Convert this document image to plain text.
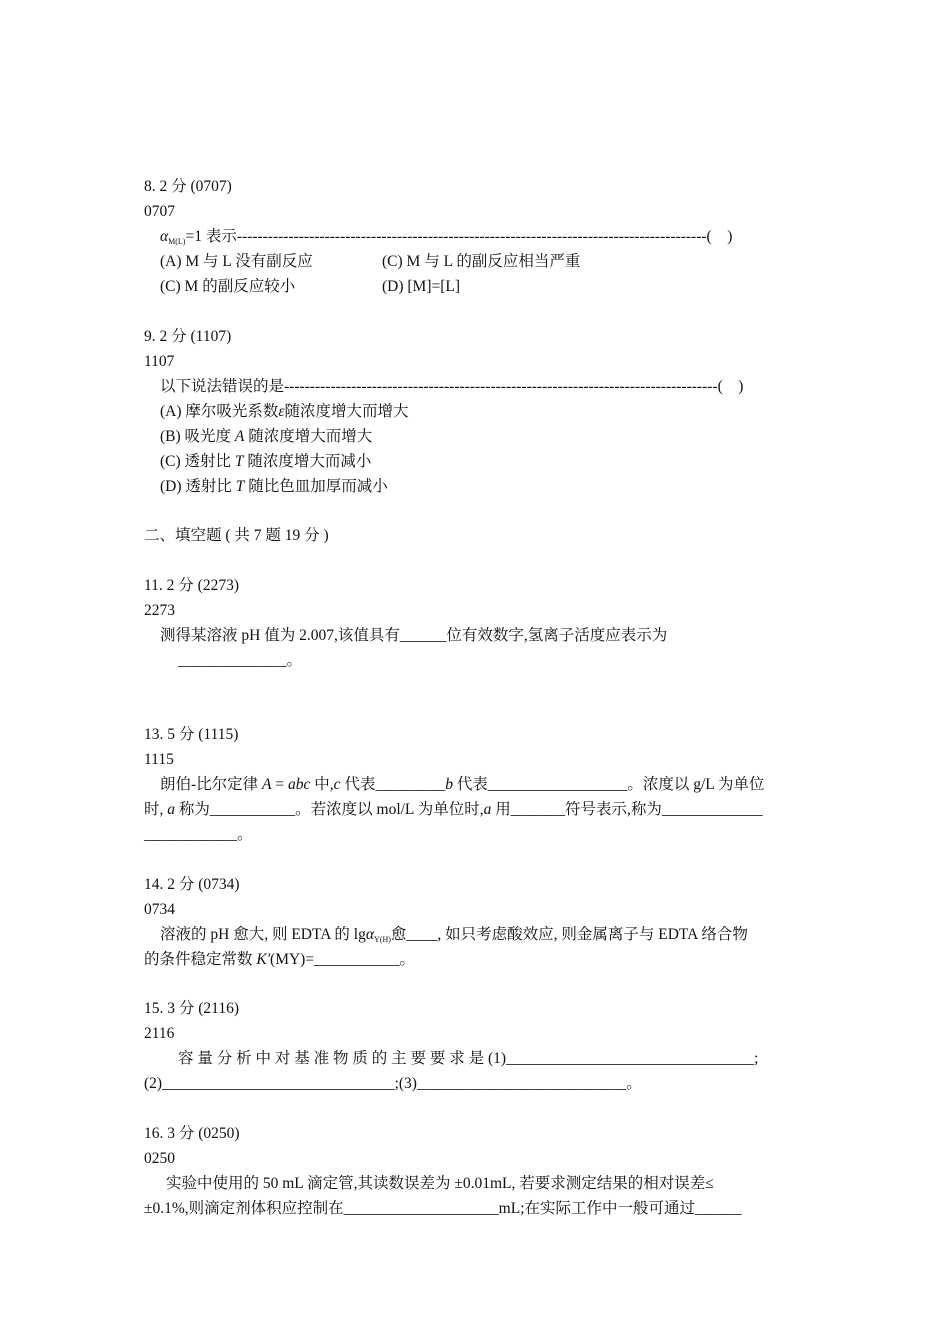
8. 2 分 (0707)
0707
$\alpha_{M(L)}=1$ 表示-------------------------------------------------------------------------------------------(　)
(A) M 与 L 没有副反应	(C) M 与 L 的副反应相当严重
(C) M 的副反应较小	(D) [M]=[L]
9. 2 分 (1107)
1107
以下说法错误的是------------------------------------------------------------------------------------(　)
(A) 摩尔吸光系数ε随浓度增大而增大
(B) 吸光度 A 随浓度增大而增大
(C) 透射比 T 随浓度增大而减小
(D) 透射比 T 随比色皿加厚而减小
二、填空题 ( 共 7 题 19 分 )
11. 2 分 (2273)
2273
测得某溶液 pH 值为 2.007,该值具有______位有效数字,氢离子活度应表示为
______________。
13. 5 分 (1115)
1115
朗伯-比尔定律 A = abc 中,c 代表_________b 代表__________________。浓度以 g/L 为单位
时, a 称为___________。若浓度以 mol/L 为单位时,a 用_______符号表示,称为_____________
____________。
14. 2 分 (0734)
0734
溶液的 pH 愈大, 则 EDTA 的 lgα$_{Y(H)}$愈____, 如只考虑酸效应, 则金属离子与 EDTA 络合物
的条件稳定常数 K'(MY)=___________。
15. 3 分 (2116)
2116
容 量 分 析 中 对 基 准 物 质 的 主 要 要 求 是 (1)________________________________;
(2)______________________________;(3)___________________________。
16. 3 分 (0250)
0250
实验中使用的 50 mL 滴定管,其读数误差为 ±0.01mL, 若要求测定结果的相对误差≤
±0.1%,则滴定剂体积应控制在____________________mL;在实际工作中一般可通过______
